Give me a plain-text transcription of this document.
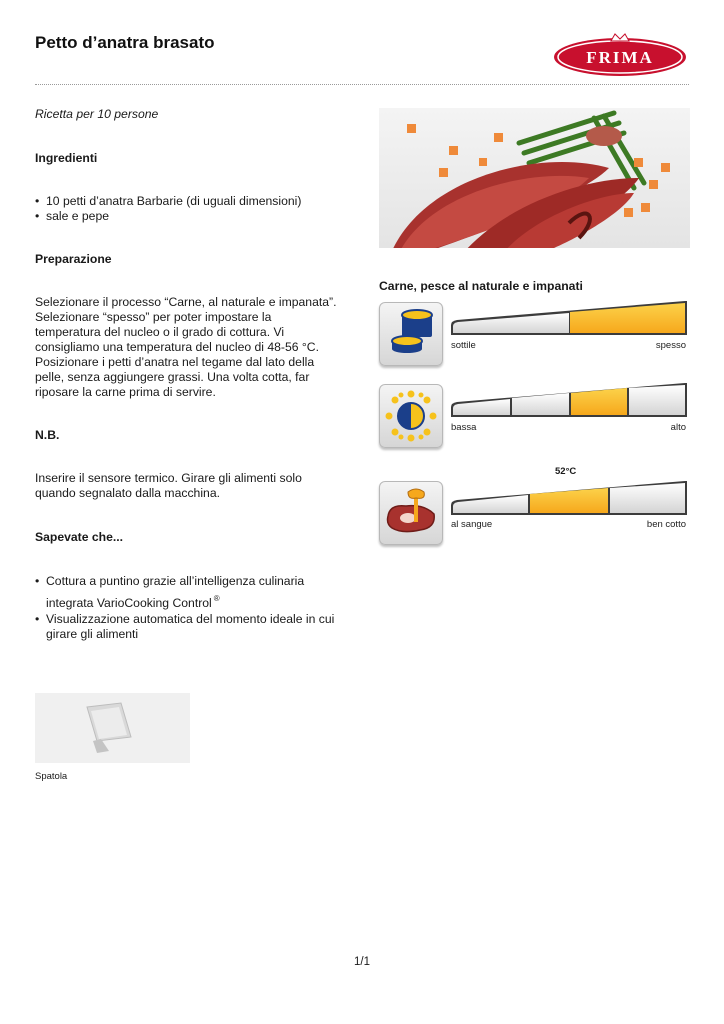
Petto d’anatra brasato
FRIMA
Ricetta per 10 persone
Ingredienti
• 10 petti d’anatra Barbarie (di uguali dimensioni)
• sale e pepe
Preparazione
Selezionare il processo “Carne, al naturale e impanata”. Selezionare “spesso” per poter impostare la temperatura del nucleo o il grado di cottura. Vi consigliamo una temperatura del nucleo di 48-56 °C. Posizionare i petti d’anatra nel tegame dal lato della pelle, senza aggiungere grassi. Una volta cotta, far riposare la carne prima di servire.
N.B.
Inserire il sensore termico. Girare gli alimenti solo quando segnalato dalla macchina.
Sapevate che...
• Cottura a puntino grazie all’intelligenza culinaria integrata VarioCooking Control ®
• Visualizzazione automatica del momento ideale in cui girare gli alimenti
Spatola
Carne, pesce al naturale e impanati
sottile	spesso
bassa	alto
52°C
al sangue	ben cotto
1/1
